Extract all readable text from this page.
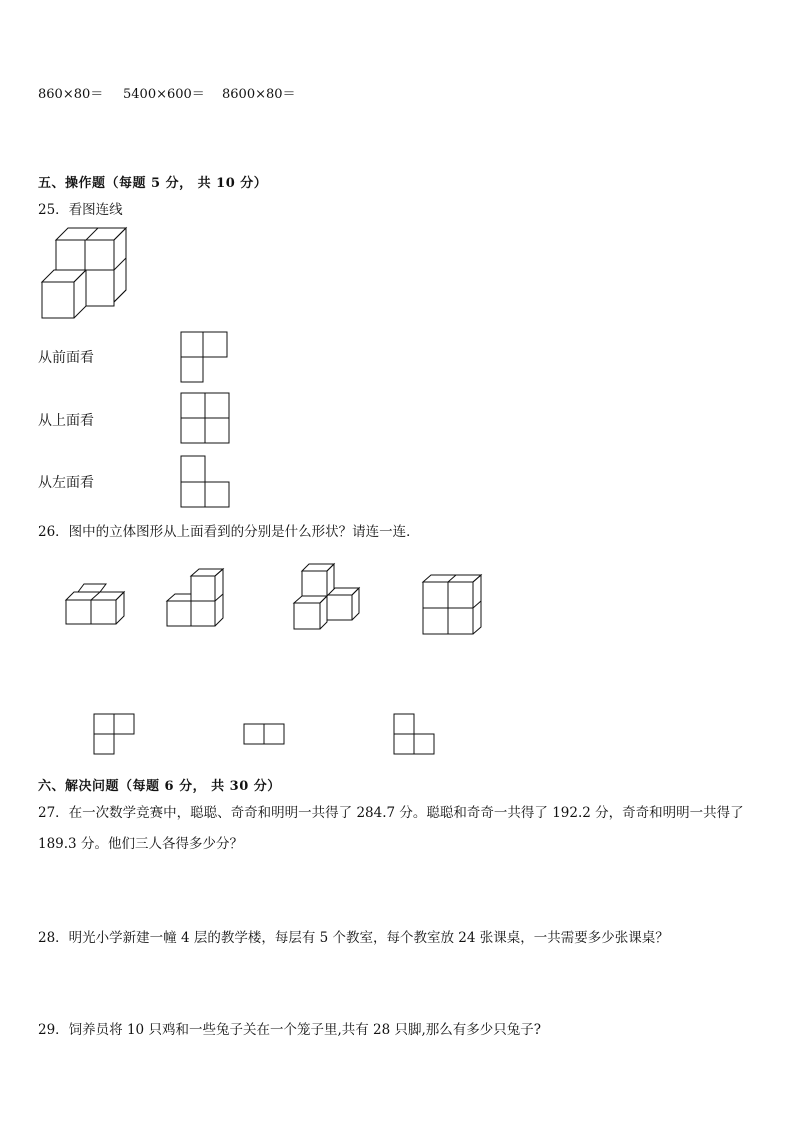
860×80＝ 5400×600＝ 8600×80＝
五、操作题（每题 5 分， 共 10 分）
25．看图连线
从前面看
从上面看
从左面看
26．图中的立体图形从上面看到的分别是什么形状？请连一连．
六、解决问题（每题 6 分， 共 30 分）
27．在一次数学竞赛中，聪聪、奇奇和明明一共得了 284.7 分。聪聪和奇奇一共得了 192.2 分，奇奇和明明一共得了
189.3 分。他们三人各得多少分？
28．明光小学新建一幢 4 层的教学楼，每层有 5 个教室，每个教室放 24 张课桌，一共需要多少张课桌？
29．饲养员将 10 只鸡和一些兔子关在一个笼子里,共有 28 只脚,那么有多少只兔子?
